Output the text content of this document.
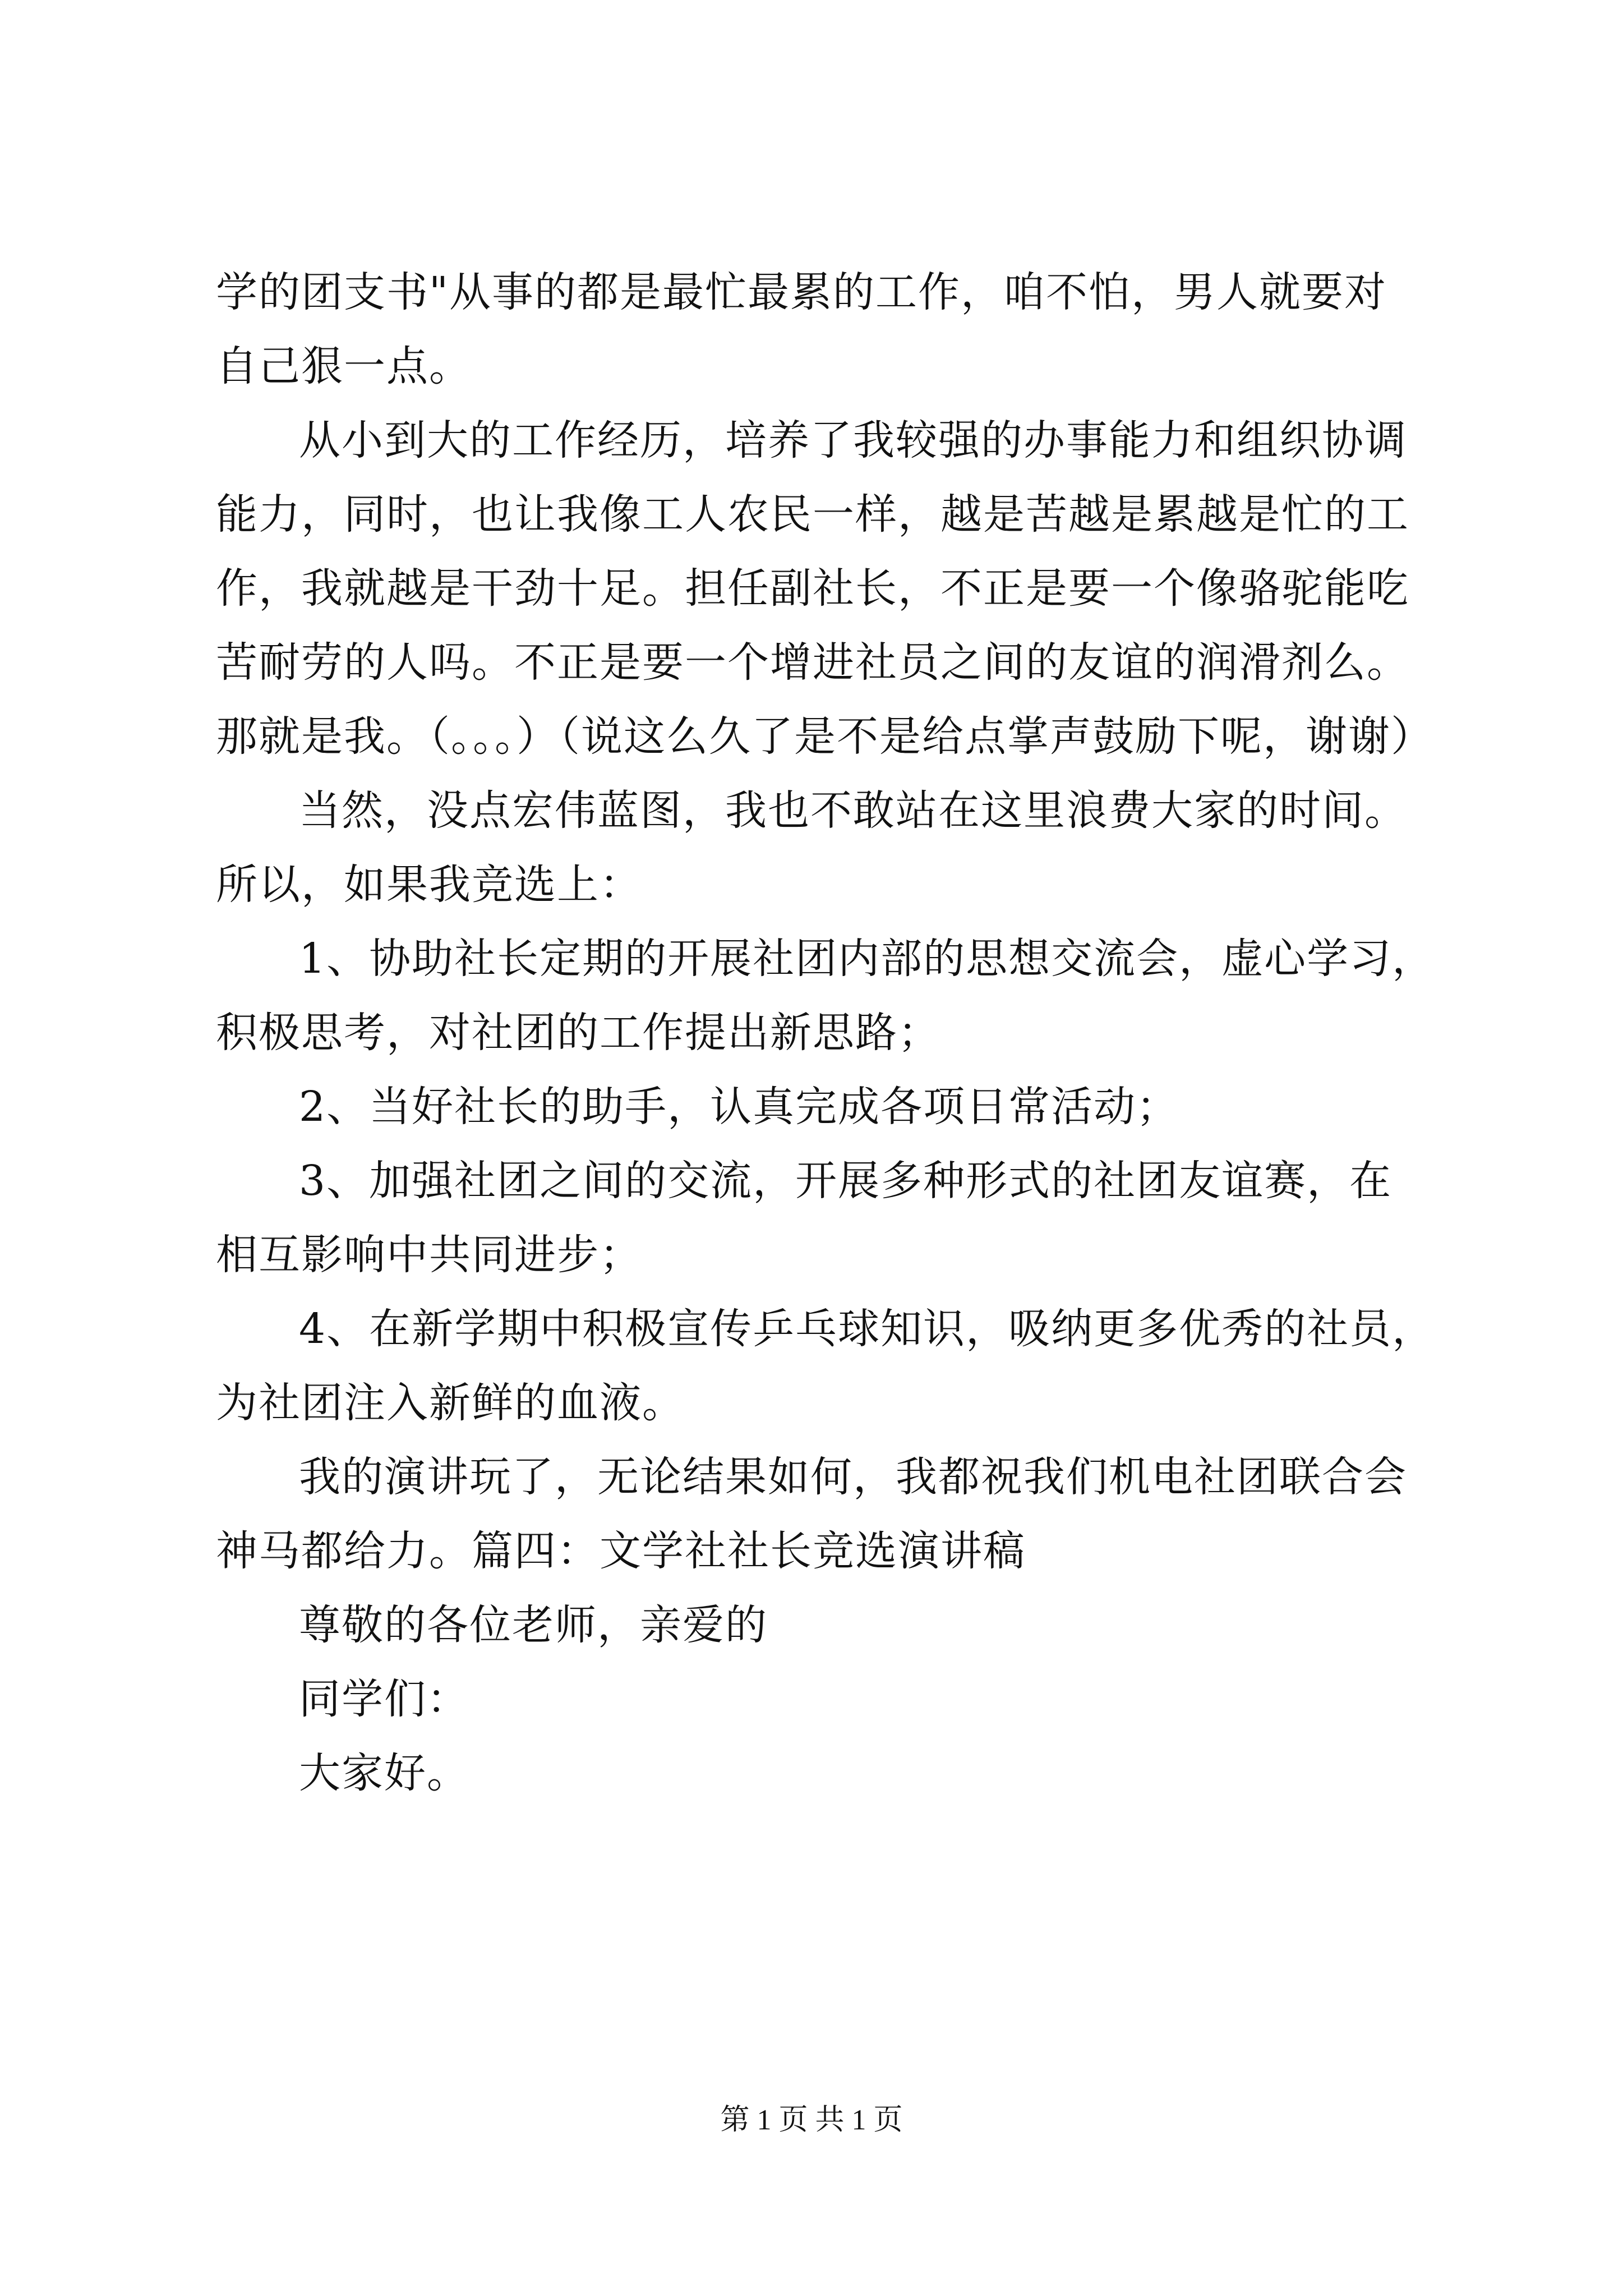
学的团支书"从事的都是最忙最累的工作，咱不怕，男人就要对

自己狠一点。

从小到大的工作经历，培养了我较强的办事能力和组织协调

能力，同时，也让我像工人农民一样，越是苦越是累越是忙的工

作，我就越是干劲十足。担任副社长，不正是要一个像骆驼能吃

苦耐劳的人吗。不正是要一个增进社员之间的友谊的润滑剂么。

那就是我。（。。。）（说这么久了是不是给点掌声鼓励下呢，谢谢）

当然，没点宏伟蓝图，我也不敢站在这里浪费大家的时间。

所以，如果我竞选上：

1、协助社长定期的开展社团内部的思想交流会，虚心学习，

积极思考，对社团的工作提出新思路；

2、当好社长的助手，认真完成各项日常活动；

3、加强社团之间的交流，开展多种形式的社团友谊赛，在

相互影响中共同进步；

4、在新学期中积极宣传乒乓球知识，吸纳更多优秀的社员，

为社团注入新鲜的血液。

我的演讲玩了，无论结果如何，我都祝我们机电社团联合会

神马都给力。篇四：文学社社长竞选演讲稿

尊敬的各位老师，亲爱的

同学们：

大家好。

第 1 页 共 1 页
